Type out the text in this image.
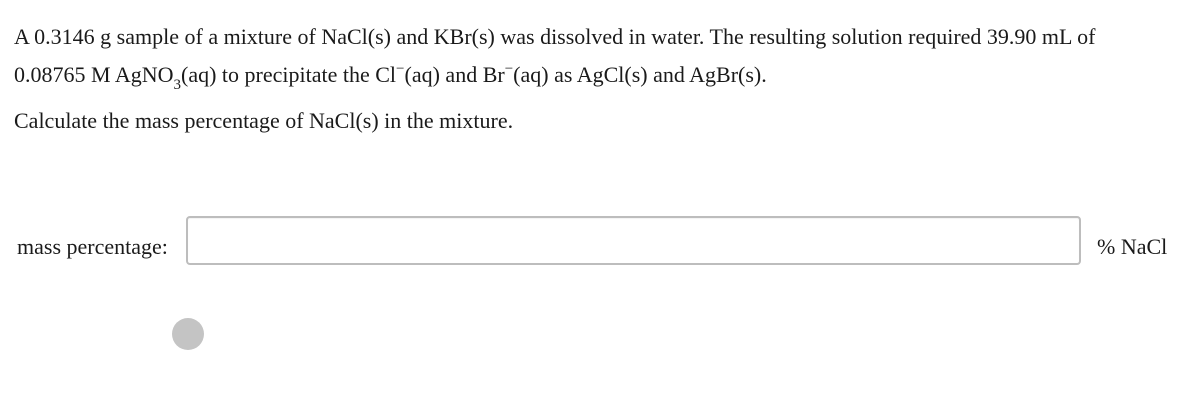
A 0.3146 g sample of a mixture of NaCl(s) and KBr(s) was dissolved in water. The resulting solution required 39.90 mL of
0.08765 M AgNO$_3$(aq) to precipitate the Cl−(aq) and Br−(aq) as AgCl(s) and AgBr(s).
Calculate the mass percentage of NaCl(s) in the mixture.
mass percentage:	% NaCl
